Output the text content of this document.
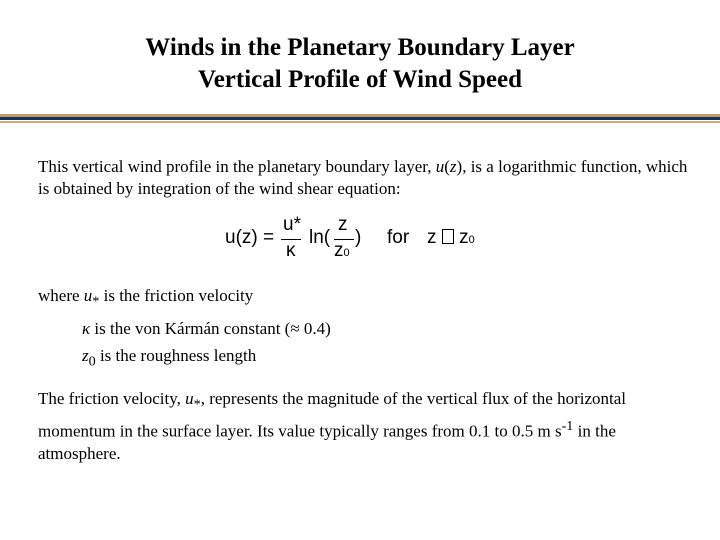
Winds in the Planetary Boundary Layer
Vertical Profile of Wind Speed
This vertical wind profile in the planetary boundary layer, u(z), is a logarithmic function, which is obtained by integration of the wind shear equation:
u(z) =
u*
κ
ln(
z
z0
) for z z0
where $u_*$ is the friction velocity
κ is the von Kármán constant (≈ 0.4)
$z_0$ is the roughness length
The friction velocity, $u_*$, represents the magnitude of the vertical flux of the horizontal momentum in the surface layer. Its value typically ranges from 0.1 to 0.5 m $s^{-1}$ in the atmosphere.
